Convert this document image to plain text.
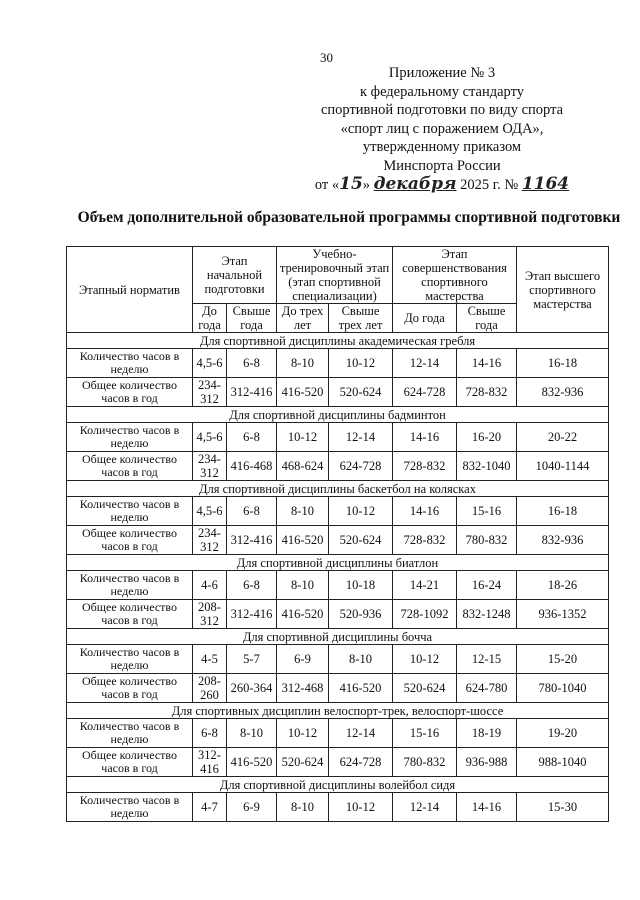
30
Приложение № 3
к федеральному стандарту
спортивной подготовки по виду спорта
«спорт лиц с поражением ОДА»,
утвержденному приказом
Минспорта России
от «15» декабря 2025 г. № 1164
Объем дополнительной образовательной программы спортивной подготовки
Этапный норматив	Этап начальной подготовки		Учебно-тренировочный этап (этап спортивной специализации)		Этап совершенствования спортивного мастерства		Этап высшего спортивного мастерства
	До года	Свыше года	До трех лет	Свыше трех лет	До года	Свыше года	
Для спортивной дисциплины академическая гребля							
Количество часов в неделю	4,5-6	6-8	8-10	10-12	12-14	14-16	16-18
Общее количество часов в год	234-312	312-416	416-520	520-624	624-728	728-832	832-936
Для спортивной дисциплины бадминтон							
Количество часов в неделю	4,5-6	6-8	10-12	12-14	14-16	16-20	20-22
Общее количество часов в год	234-312	416-468	468-624	624-728	728-832	832-1040	1040-1144
Для спортивной дисциплины баскетбол на колясках							
Количество часов в неделю	4,5-6	6-8	8-10	10-12	14-16	15-16	16-18
Общее количество часов в год	234-312	312-416	416-520	520-624	728-832	780-832	832-936
Для спортивной дисциплины биатлон							
Количество часов в неделю	4-6	6-8	8-10	10-18	14-21	16-24	18-26
Общее количество часов в год	208-312	312-416	416-520	520-936	728-1092	832-1248	936-1352
Для спортивной дисциплины бочча							
Количество часов в неделю	4-5	5-7	6-9	8-10	10-12	12-15	15-20
Общее количество часов в год	208-260	260-364	312-468	416-520	520-624	624-780	780-1040
Для спортивных дисциплин велоспорт-трек, велоспорт-шоссе							
Количество часов в неделю	6-8	8-10	10-12	12-14	15-16	18-19	19-20
Общее количество часов в год	312-416	416-520	520-624	624-728	780-832	936-988	988-1040
Для спортивной дисциплины волейбол сидя							
Количество часов в неделю	4-7	6-9	8-10	10-12	12-14	14-16	15-30
